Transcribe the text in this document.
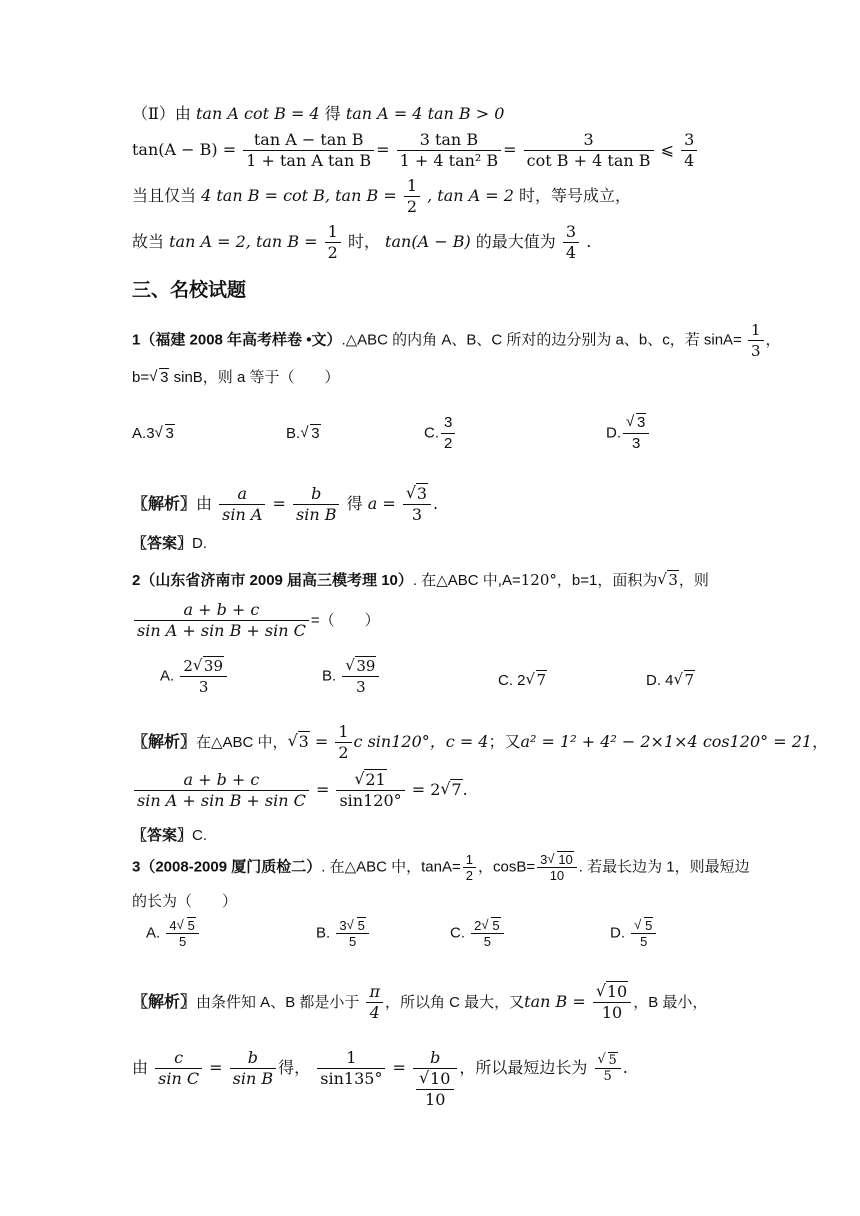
（Ⅱ）由 tan A cot B = 4 得 tan A = 4 tan B > 0
$\tan(A - B) = \frac{\text{tan A − tan B}}{\text{1 + tan A tan B}} = \frac{\text{3 tan B}}{\text{1 + 4 tan² B}} = \frac{3}{\text{cot B + 4 tan B}}$ ⩽ $\frac{3}{4}$
当且仅当 4 tan B = cot B, $\tan B = \frac{1}{2}$ , tan A = 2 时，等号成立，
故当 tan A = 2, $\tan B = \frac{1}{2}$ 时， tan(A − B) 的最大值为 $\frac{3}{4}$ .
三、名校试题
1（福建 2008 年高考样卷 •文）.△ABC 的内角 A、B、C 所对的边分别为 a、b、c，若 $\sin A= \frac{1}{3}$ ，
b=√ 3 sinB，则 a 等于（　　）
A.3√ 3	B.√ 3	C. $\frac{3}{2}$	D.
√ $\frac{3}{3}$
〖解析〗由 $\frac{a}{\text{sin A}} = \frac{b}{\text{sin B}}$ 得 a =
√ $\frac{3}{3}$ .
〖答案〗D.
2（山东省济南市 2009 届高三模考理 10）. 在△ABC 中,A=120°，b=1，面积为√ 3，则
$\frac{a + b + c}{\text{sin A + sin B + sin C}}$ =（　　）
A. $\frac{2√ 39}{3}$	B.
√ $\frac{39}{3}$	C. 2√ 7	D. 4√ 7
〖解析〗在△ABC 中，√ $3 = \frac{1}{2}$ c sin120°，c = 4；又a² = 1² + 4² − 2×1×4 cos120° = 21，
$\frac{a + b + c}{\text{sin A + sin B + sin C}}$ =
√ $\frac{21}{\sin 120^\circ} = 2√$ 7.
〖答案〗C.
3（2008-2009 厦门质检二）. 在△ABC 中，$\tan A= \frac{1}{2}$ ，$\cos B= \frac{3√ 10}{10}$ . 若最长边为 1，则最短边
的长为（　　）
A. $\frac{4√ 5}{5}$	B. $\frac{3√ 5}{5}$	C. $\frac{2√ 5}{5}$	D.
√ $\frac{5}{5}$
〖解析〗由条件知 A、B 都是小于 $\frac{\pi}{4}$ ，所以角 C 最大，又tan B =
√ $\frac{10}{10}$ ，B 最小，
由 $\frac{c}{\text{sin C}} = \frac{b}{\text{sin B}}$ 得， $\frac{1}{\sin 135^\circ} = b$
√ $\frac{10}{10}$ ，所以最短边长为
√ $\frac{5}{5}$ .
